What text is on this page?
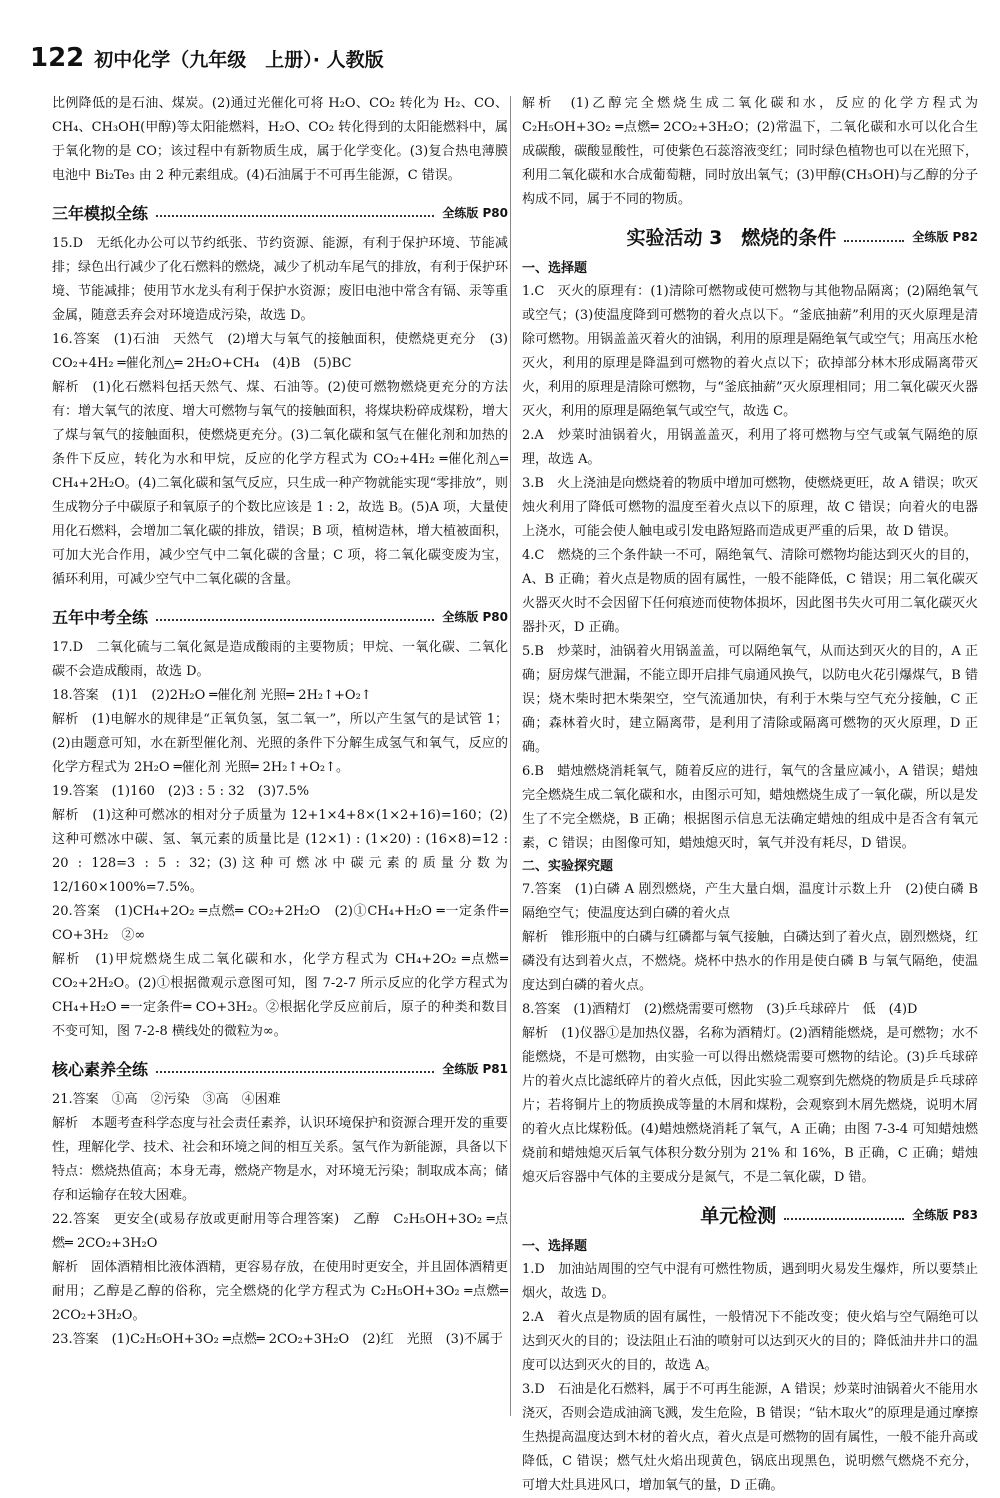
122 初中化学（九年级　上册）· 人教版

比例降低的是石油、煤炭。(2)通过光催化可将 H₂O、CO₂ 转化为 H₂、CO、CH₄、CH₃OH(甲醇)等太阳能燃料，H₂O、CO₂ 转化得到的太阳能燃料中，属于氧化物的是 CO；该过程中有新物质生成，属于化学变化。(3)复合热电薄膜电池中 Bi₂Te₃ 由 2 种元素组成。(4)石油属于不可再生能源，C 错误。

三年模拟全练	全练版 P80

15.D　无纸化办公可以节约纸张、节约资源、能源，有利于保护环境、节能减排；绿色出行减少了化石燃料的燃烧，减少了机动车尾气的排放，有利于保护环境、节能减排；使用节水龙头有利于保护水资源；废旧电池中常含有镉、汞等重金属，随意丢弃会对环境造成污染，故选 D。

16.答案　(1)石油　天然气　(2)增大与氧气的接触面积，使燃烧更充分　(3) CO₂+4H₂ ═催化剂△═ 2H₂O+CH₄　(4)B　(5)BC

解析　(1)化石燃料包括天然气、煤、石油等。(2)使可燃物燃烧更充分的方法有：增大氧气的浓度、增大可燃物与氧气的接触面积，将煤块粉碎成煤粉，增大了煤与氧气的接触面积，使燃烧更充分。(3)二氧化碳和氢气在催化剂和加热的条件下反应，转化为水和甲烷，反应的化学方程式为 CO₂+4H₂ ═催化剂△═ CH₄+2H₂O。(4)二氧化碳和氢气反应，只生成一种产物就能实现“零排放”，则生成物分子中碳原子和氧原子的个数比应该是 1 : 2，故选 B。(5)A 项，大量使用化石燃料，会增加二氧化碳的排放，错误；B 项，植树造林，增大植被面积，可加大光合作用，减少空气中二氧化碳的含量；C 项，将二氧化碳变废为宝，循环利用，可减少空气中二氧化碳的含量。

五年中考全练	全练版 P80

17.D　二氧化硫与二氧化氮是造成酸雨的主要物质；甲烷、一氧化碳、二氧化碳不会造成酸雨，故选 D。

18.答案　(1)1　(2)2H₂O ═催化剂 光照═ 2H₂↑+O₂↑

解析　(1)电解水的规律是“正氧负氢，氢二氧一”，所以产生氢气的是试管 1；(2)由题意可知，水在新型催化剂、光照的条件下分解生成氢气和氧气，反应的化学方程式为 2H₂O ═催化剂 光照═ 2H₂↑+O₂↑。

19.答案　(1)160　(2)3 : 5 : 32　(3)7.5%

解析　(1)这种可燃冰的相对分子质量为 12+1×4+8×(1×2+16)=160；(2)这种可燃冰中碳、氢、氧元素的质量比是 (12×1) : (1×20) : (16×8)=12 : 20 : 128=3 : 5 : 32；(3)这种可燃冰中碳元素的质量分数为 12/160×100%=7.5%。

20.答案　(1)CH₄+2O₂ ═点燃═ CO₂+2H₂O　(2)①CH₄+H₂O ═一定条件═ CO+3H₂　②∞

解析　(1)甲烷燃烧生成二氧化碳和水，化学方程式为 CH₄+2O₂ ═点燃═ CO₂+2H₂O。(2)①根据微观示意图可知，图 7-2-7 所示反应的化学方程式为 CH₄+H₂O ═一定条件═ CO+3H₂。②根据化学反应前后，原子的种类和数目不变可知，图 7-2-8 横线处的微粒为∞。

核心素养全练	全练版 P81

21.答案　①高　②污染　③高　④困难

解析　本题考查科学态度与社会责任素养，认识环境保护和资源合理开发的重要性，理解化学、技术、社会和环境之间的相互关系。氢气作为新能源，具备以下特点：燃烧热值高；本身无毒，燃烧产物是水，对环境无污染；制取成本高；储存和运输存在较大困难。

22.答案　更安全(或易存放或更耐用等合理答案)　乙醇　C₂H₅OH+3O₂ ═点燃═ 2CO₂+3H₂O

解析　固体酒精相比液体酒精，更容易存放，在使用时更安全，并且固体酒精更耐用；乙醇是乙醇的俗称，完全燃烧的化学方程式为 C₂H₅OH+3O₂ ═点燃═ 2CO₂+3H₂O。

23.答案　(1)C₂H₅OH+3O₂ ═点燃═ 2CO₂+3H₂O　(2)红　光照　(3)不属于

解析　(1)乙醇完全燃烧生成二氧化碳和水，反应的化学方程式为 C₂H₅OH+3O₂ ═点燃═ 2CO₂+3H₂O；(2)常温下，二氧化碳和水可以化合生成碳酸，碳酸显酸性，可使紫色石蕊溶液变红；同时绿色植物也可以在光照下，利用二氧化碳和水合成葡萄糖，同时放出氧气；(3)甲醇(CH₃OH)与乙醇的分子构成不同，属于不同的物质。

实验活动 3　燃烧的条件	全练版 P82
一、选择题

1.C　灭火的原理有：(1)清除可燃物或使可燃物与其他物品隔离；(2)隔绝氧气或空气；(3)使温度降到可燃物的着火点以下。“釜底抽薪”利用的灭火原理是清除可燃物。用锅盖盖灭着火的油锅，利用的原理是隔绝氧气或空气；用高压水枪灭火，利用的原理是降温到可燃物的着火点以下；砍掉部分林木形成隔离带灭火，利用的原理是清除可燃物，与“釜底抽薪”灭火原理相同；用二氧化碳灭火器灭火，利用的原理是隔绝氧气或空气，故选 C。

2.A　炒菜时油锅着火，用锅盖盖灭，利用了将可燃物与空气或氧气隔绝的原理，故选 A。

3.B　火上浇油是向燃烧着的物质中增加可燃物，使燃烧更旺，故 A 错误；吹灭烛火利用了降低可燃物的温度至着火点以下的原理，故 C 错误；向着火的电器上浇水，可能会使人触电或引发电路短路而造成更严重的后果，故 D 错误。

4.C　燃烧的三个条件缺一不可，隔绝氧气、清除可燃物均能达到灭火的目的，A、B 正确；着火点是物质的固有属性，一般不能降低，C 错误；用二氧化碳灭火器灭火时不会因留下任何痕迹而使物体损坏，因此图书失火可用二氧化碳灭火器扑灭，D 正确。

5.B　炒菜时，油锅着火用锅盖盖，可以隔绝氧气，从而达到灭火的目的，A 正确；厨房煤气泄漏，不能立即开启排气扇通风换气，以防电火花引爆煤气，B 错误；烧木柴时把木柴架空，空气流通加快，有利于木柴与空气充分接触，C 正确；森林着火时，建立隔离带，是利用了清除或隔离可燃物的灭火原理，D 正确。

6.B　蜡烛燃烧消耗氧气，随着反应的进行，氧气的含量应减小，A 错误；蜡烛完全燃烧生成二氧化碳和水，由图示可知，蜡烛燃烧生成了一氧化碳，所以是发生了不完全燃烧，B 正确；根据图示信息无法确定蜡烛的组成中是否含有氧元素，C 错误；由图像可知，蜡烛熄灭时，氧气并没有耗尽，D 错误。

二、实验探究题

7.答案　(1)白磷 A 剧烈燃烧，产生大量白烟，温度计示数上升　(2)使白磷 B 隔绝空气；使温度达到白磷的着火点

解析　锥形瓶中的白磷与红磷都与氧气接触，白磷达到了着火点，剧烈燃烧，红磷没有达到着火点，不燃烧。烧杯中热水的作用是使白磷 B 与氧气隔绝，使温度达到白磷的着火点。

8.答案　(1)酒精灯　(2)燃烧需要可燃物　(3)乒乓球碎片　低　(4)D

解析　(1)仪器①是加热仪器，名称为酒精灯。(2)酒精能燃烧，是可燃物；水不能燃烧，不是可燃物，由实验一可以得出燃烧需要可燃物的结论。(3)乒乓球碎片的着火点比滤纸碎片的着火点低，因此实验二观察到先燃烧的物质是乒乓球碎片；若将铜片上的物质换成等量的木屑和煤粉，会观察到木屑先燃烧，说明木屑的着火点比煤粉低。(4)蜡烛燃烧消耗了氧气，A 正确；由图 7-3-4 可知蜡烛燃烧前和蜡烛熄灭后氧气体积分数分别为 21% 和 16%，B 正确，C 正确；蜡烛熄灭后容器中气体的主要成分是氮气，不是二氧化碳，D 错。

单元检测	全练版 P83
一、选择题

1.D　加油站周围的空气中混有可燃性物质，遇到明火易发生爆炸，所以要禁止烟火，故选 D。

2.A　着火点是物质的固有属性，一般情况下不能改变；使火焰与空气隔绝可以达到灭火的目的；设法阻止石油的喷射可以达到灭火的目的；降低油井井口的温度可以达到灭火的目的，故选 A。

3.D　石油是化石燃料，属于不可再生能源，A 错误；炒菜时油锅着火不能用水浇灭，否则会造成油滴飞溅，发生危险，B 错误；“钻木取火”的原理是通过摩擦生热提高温度达到木材的着火点，着火点是可燃物的固有属性，一般不能升高或降低，C 错误；燃气灶火焰出现黄色，锅底出现黑色，说明燃气燃烧不充分，可增大灶具进风口，增加氧气的量，D 正确。
